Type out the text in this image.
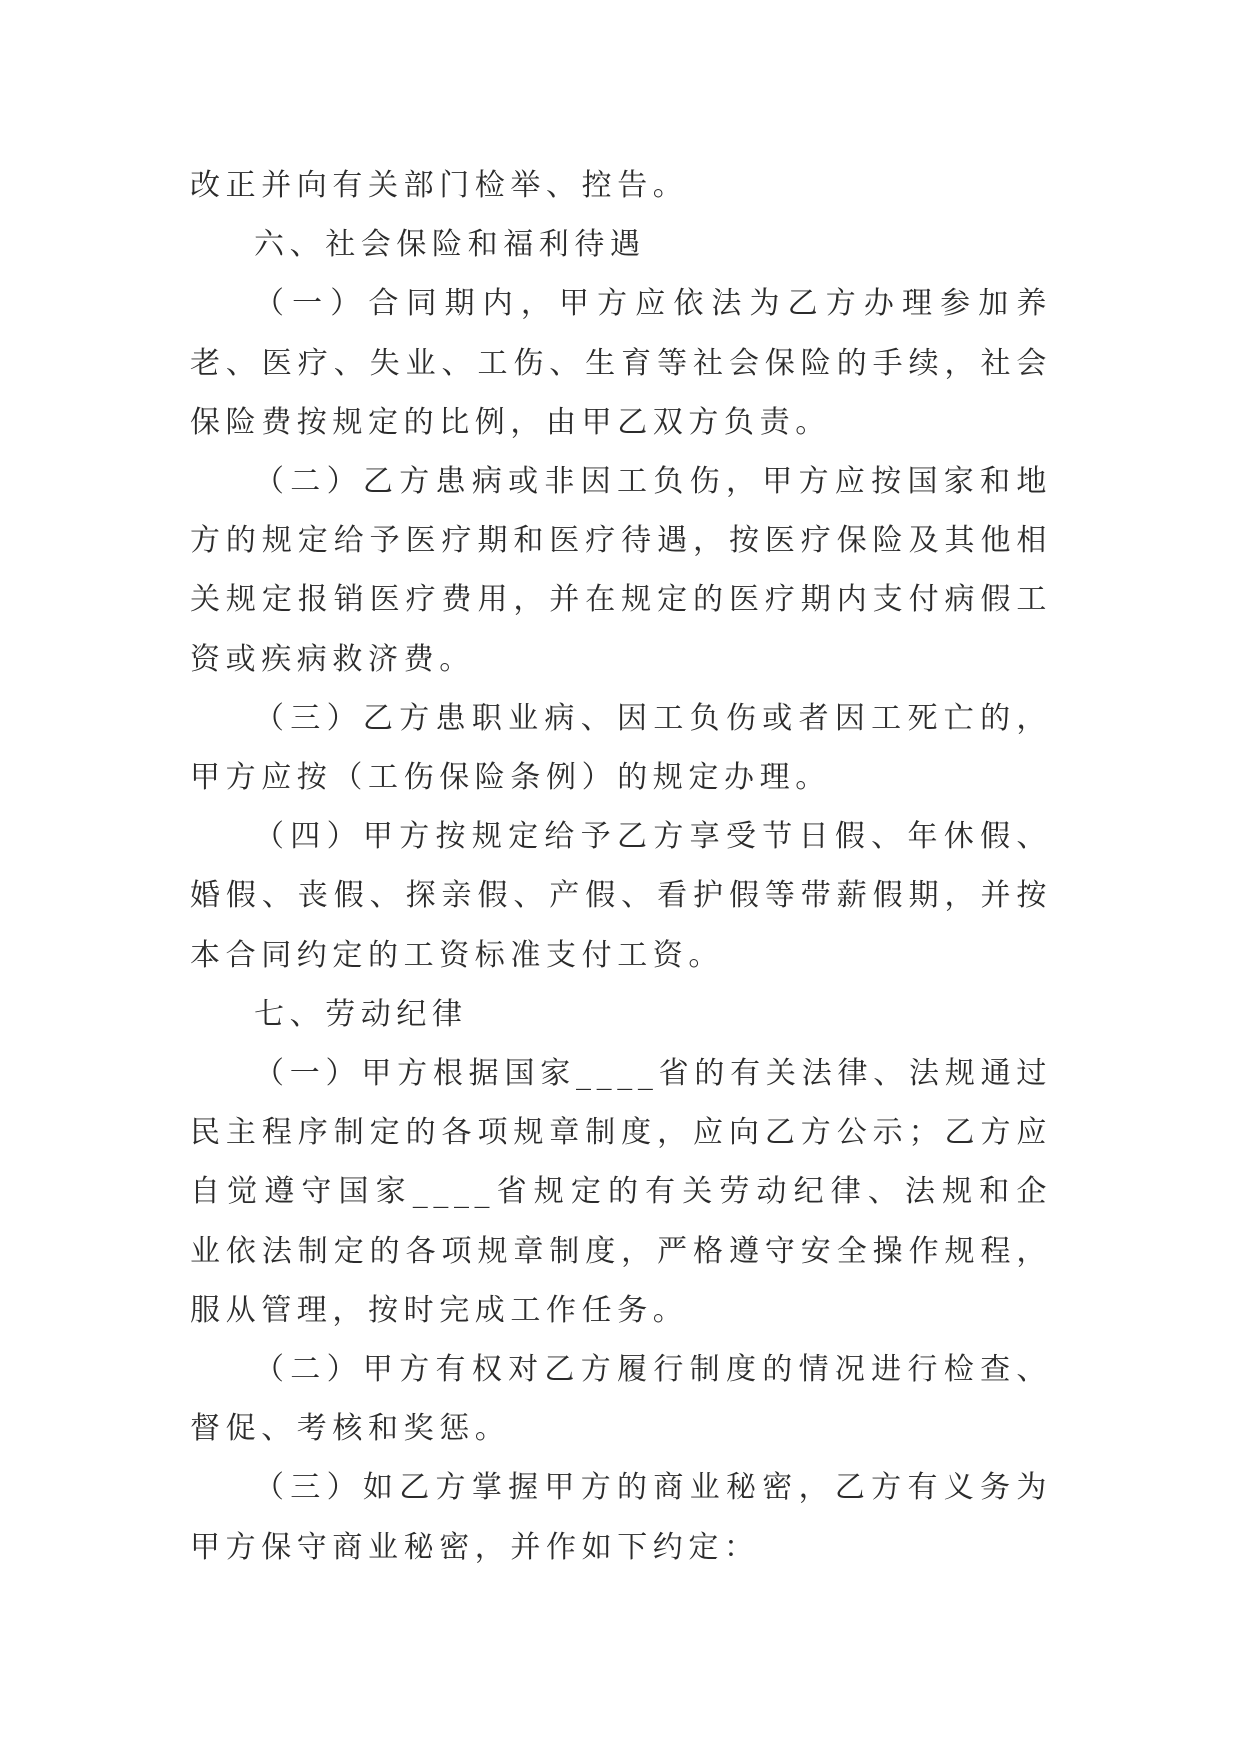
改正并向有关部门检举、控告。

六、社会保险和福利待遇

（一）合同期内，甲方应依法为乙方办理参加养老、医疗、失业、工伤、生育等社会保险的手续，社会保险费按规定的比例，由甲乙双方负责。

（二）乙方患病或非因工负伤，甲方应按国家和地方的规定给予医疗期和医疗待遇，按医疗保险及其他相关规定报销医疗费用，并在规定的医疗期内支付病假工资或疾病救济费。

（三）乙方患职业病、因工负伤或者因工死亡的，甲方应按（工伤保险条例）的规定办理。

（四）甲方按规定给予乙方享受节日假、年休假、婚假、丧假、探亲假、产假、看护假等带薪假期，并按本合同约定的工资标准支付工资。

七、劳动纪律

（一）甲方根据国家____省的有关法律、法规通过民主程序制定的各项规章制度，应向乙方公示；乙方应自觉遵守国家____省规定的有关劳动纪律、法规和企业依法制定的各项规章制度，严格遵守安全操作规程，服从管理，按时完成工作任务。

（二）甲方有权对乙方履行制度的情况进行检查、督促、考核和奖惩。

（三）如乙方掌握甲方的商业秘密，乙方有义务为甲方保守商业秘密，并作如下约定：
